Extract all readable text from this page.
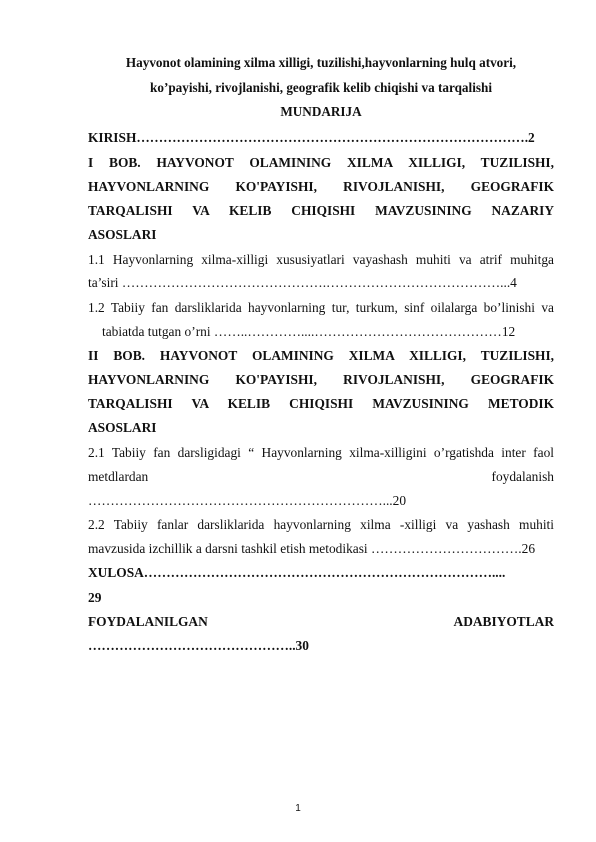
Hayvonot olamining xilma xilligi, tuzilishi,hayvonlarning hulq atvori,
ko’payishi, rivojlanishi, geografik kelib chiqishi va tarqalishi
MUNDARIJA
KIRISH…………………………………………………………………………….2
I BOB. HAYVONOT OLAMINING XILMA XILLIGI, TUZILISHI,
HAYVONLARNING KO'PAYISHI, RIVOJLANISHI, GEOGRAFIK
TARQALISHI VA KELIB CHIQISHI MAVZUSINING NAZARIY
ASOSLARI
1.1 Hayvonlarning xilma-xilligi xususiyatlari vayashash muhiti va atrif muhitga
ta’siri ……………………………………….…………………………………...4
1.2 Tabiiy fan darsliklarida hayvonlarning tur, turkum, sinf oilalarga bo’linishi va
tabiatda tutgan o’rni ……..…………....……………………………………12
II BOB. HAYVONOT OLAMINING XILMA XILLIGI, TUZILISHI,
HAYVONLARNING KO'PAYISHI, RIVOJLANISHI, GEOGRAFIK
TARQALISHI VA KELIB CHIQISHI MAVZUSINING METODIK
ASOSLARI
2.1 Tabiiy fan darsligidagi “ Hayvonlarning xilma-xilligini o’rgatishda inter faol
metdlardan	foydalanish
…………………………………………………………...20
2.2 Tabiiy fanlar darsliklarida hayvonlarning xilma -xilligi va yashash muhiti
mavzusida izchillik a darsni tashkil etish metodikasi …………………………….26
XULOSA……………………………………………………………………....
29
FOYDALANILGAN	ADABIYOTLAR
………………………………………..30
1
